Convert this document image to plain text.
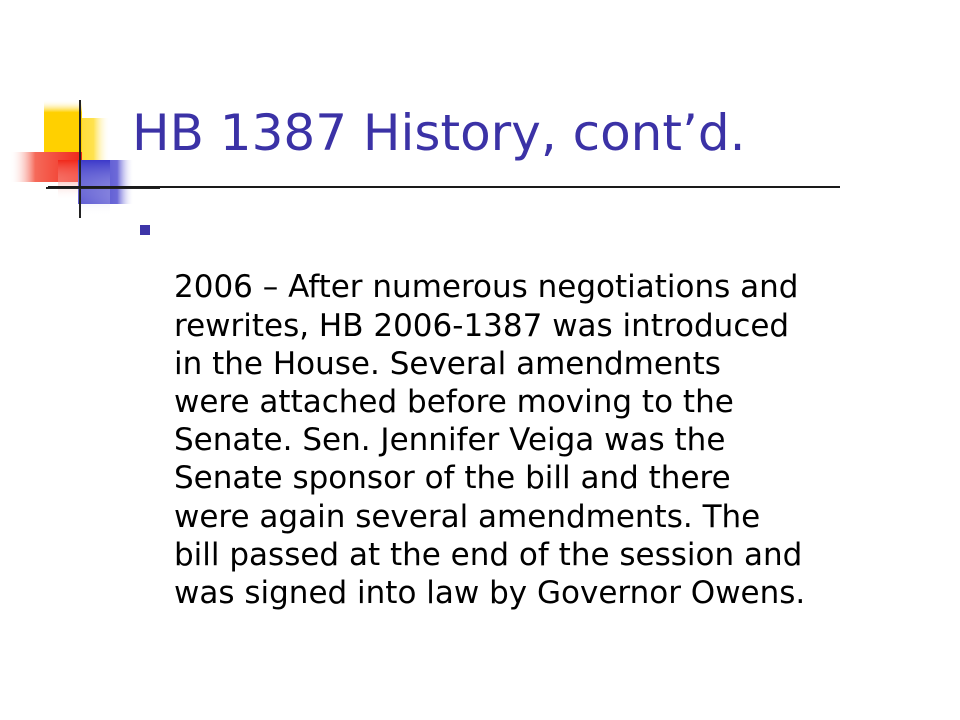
HB 1387 History, cont’d.

2006 – After numerous negotiations and
rewrites, HB 2006-1387 was introduced
in the House. Several amendments
were attached before moving to the
Senate. Sen. Jennifer Veiga was the
Senate sponsor of the bill and there
were again several amendments. The
bill passed at the end of the session and
was signed into law by Governor Owens.
